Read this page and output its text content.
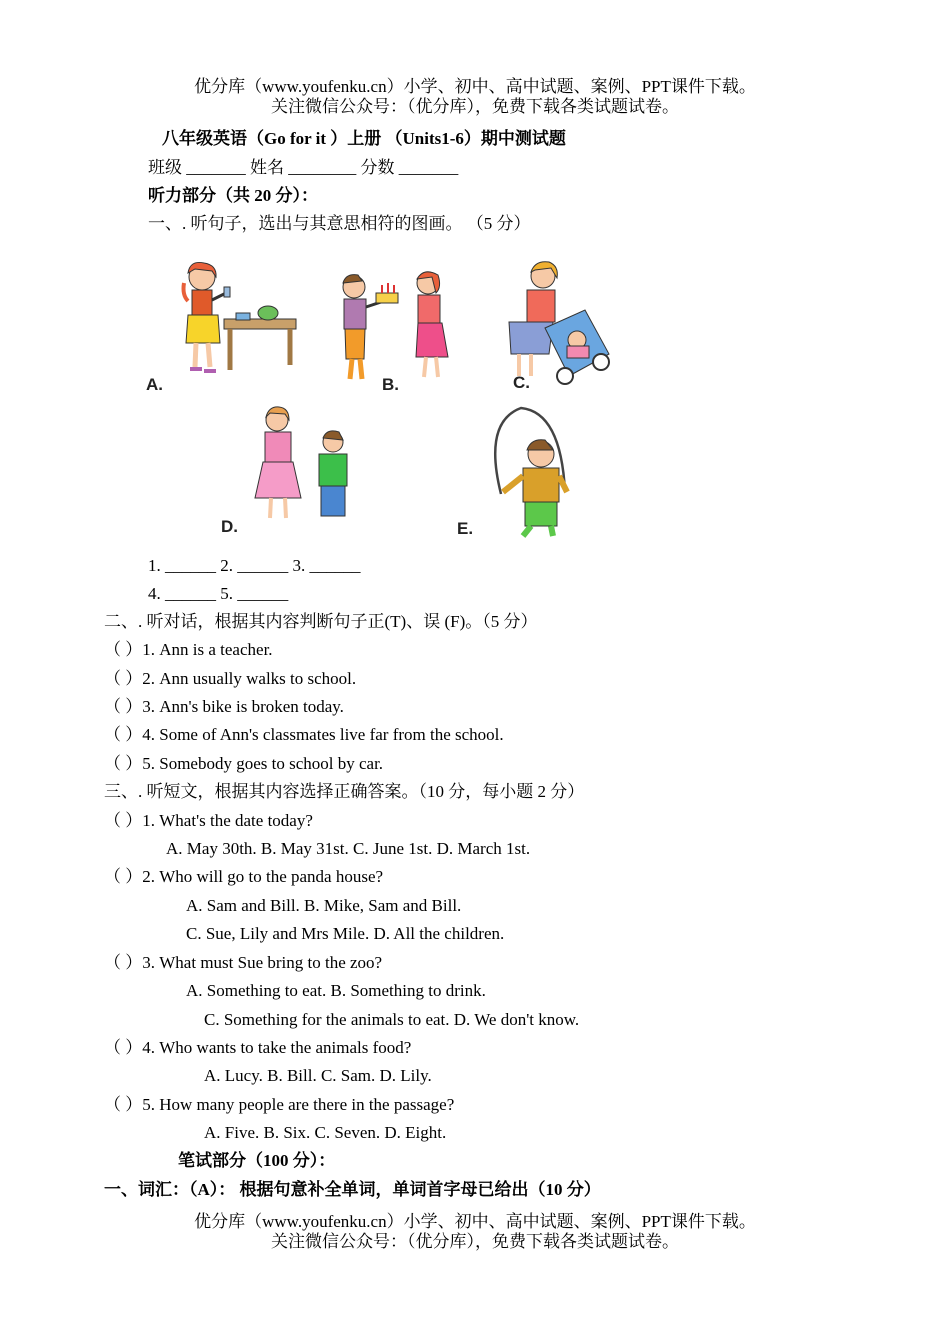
优分库（www.youfenku.cn）小学、初中、高中试题、案例、PPT课件下载。
关注微信公众号：（优分库），免费下载各类试题试卷。
八年级英语（Go for it ）上册 （Units1-6）期中测试题
班级 _______ 姓名 ________ 分数 _______
听力部分（共 20 分）：
一、. 听句子，选出与其意思相符的图画。 （5 分）
A.	B.	C.
D.	E.
1. ______ 2. ______ 3. ______
4. ______ 5. ______
二、. 听对话，根据其内容判断句子正(T)、误 (F)。（5 分）
（ ）1. Ann is a teacher.
（ ）2. Ann usually walks to school.
（ ）3. Ann's bike is broken today.
（ ）4. Some of Ann's classmates live far from the school.
（ ）5. Somebody goes to school by car.
三、. 听短文，根据其内容选择正确答案。（10 分，每小题 2 分）
（ ）1. What's the date today?
A. May 30th. B. May 31st. C. June 1st. D. March 1st.
（ ）2. Who will go to the panda house?
A. Sam and Bill. B. Mike, Sam and Bill.
C. Sue, Lily and Mrs Mile. D. All the children.
（ ）3. What must Sue bring to the zoo?
A. Something to eat. B. Something to drink.
C. Something for the animals to eat. D. We don't know.
（ ）4. Who wants to take the animals food?
A. Lucy. B. Bill. C. Sam. D. Lily.
（ ）5. How many people are there in the passage?
A. Five. B. Six. C. Seven. D. Eight.
笔试部分（100 分）：
一、词汇：（A）： 根据句意补全单词，单词首字母已给出（10 分）
优分库（www.youfenku.cn）小学、初中、高中试题、案例、PPT课件下载。
关注微信公众号：（优分库），免费下载各类试题试卷。
